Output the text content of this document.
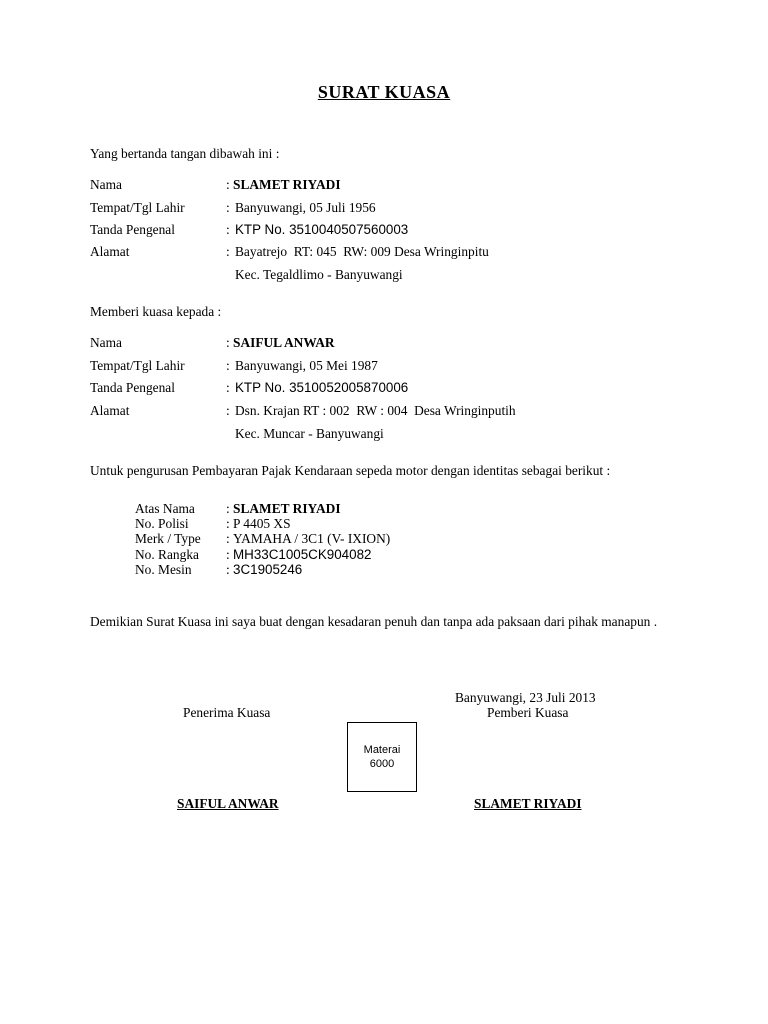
SURAT KUASA
Yang bertanda tangan dibawah ini :
Nama	: SLAMET RIYADI
Tempat/Tgl Lahir	: Banyuwangi, 05 Juli 1956
Tanda Pengenal	: KTP No. 3510040507560003
Alamat	: Bayatrejo  RT: 045  RW: 009 Desa Wringinpitu
Kec. Tegaldlimo - Banyuwangi
Memberi kuasa kepada :
Nama	: SAIFUL ANWAR
Tempat/Tgl Lahir	: Banyuwangi, 05 Mei 1987
Tanda Pengenal	: KTP No. 3510052005870006
Alamat	: Dsn. Krajan RT : 002  RW : 004  Desa Wringinputih
Kec. Muncar - Banyuwangi
Untuk pengurusan Pembayaran Pajak Kendaraan sepeda motor dengan identitas sebagai berikut :
Atas Nama : SLAMET RIYADI
No. Polisi	: P 4405 XS
Merk / Type : YAMAHA / 3C1 (V- IXION)
No. Rangka : MH33C1005CK904082
No. Mesin	: 3C1905246
Demikian Surat Kuasa ini saya buat dengan kesadaran penuh dan tanpa ada paksaan dari pihak manapun .
Banyuwangi, 23 Juli 2013
Penerima Kuasa	Pemberi Kuasa
Materai
6000
SAIFUL ANWAR	SLAMET RIYADI
